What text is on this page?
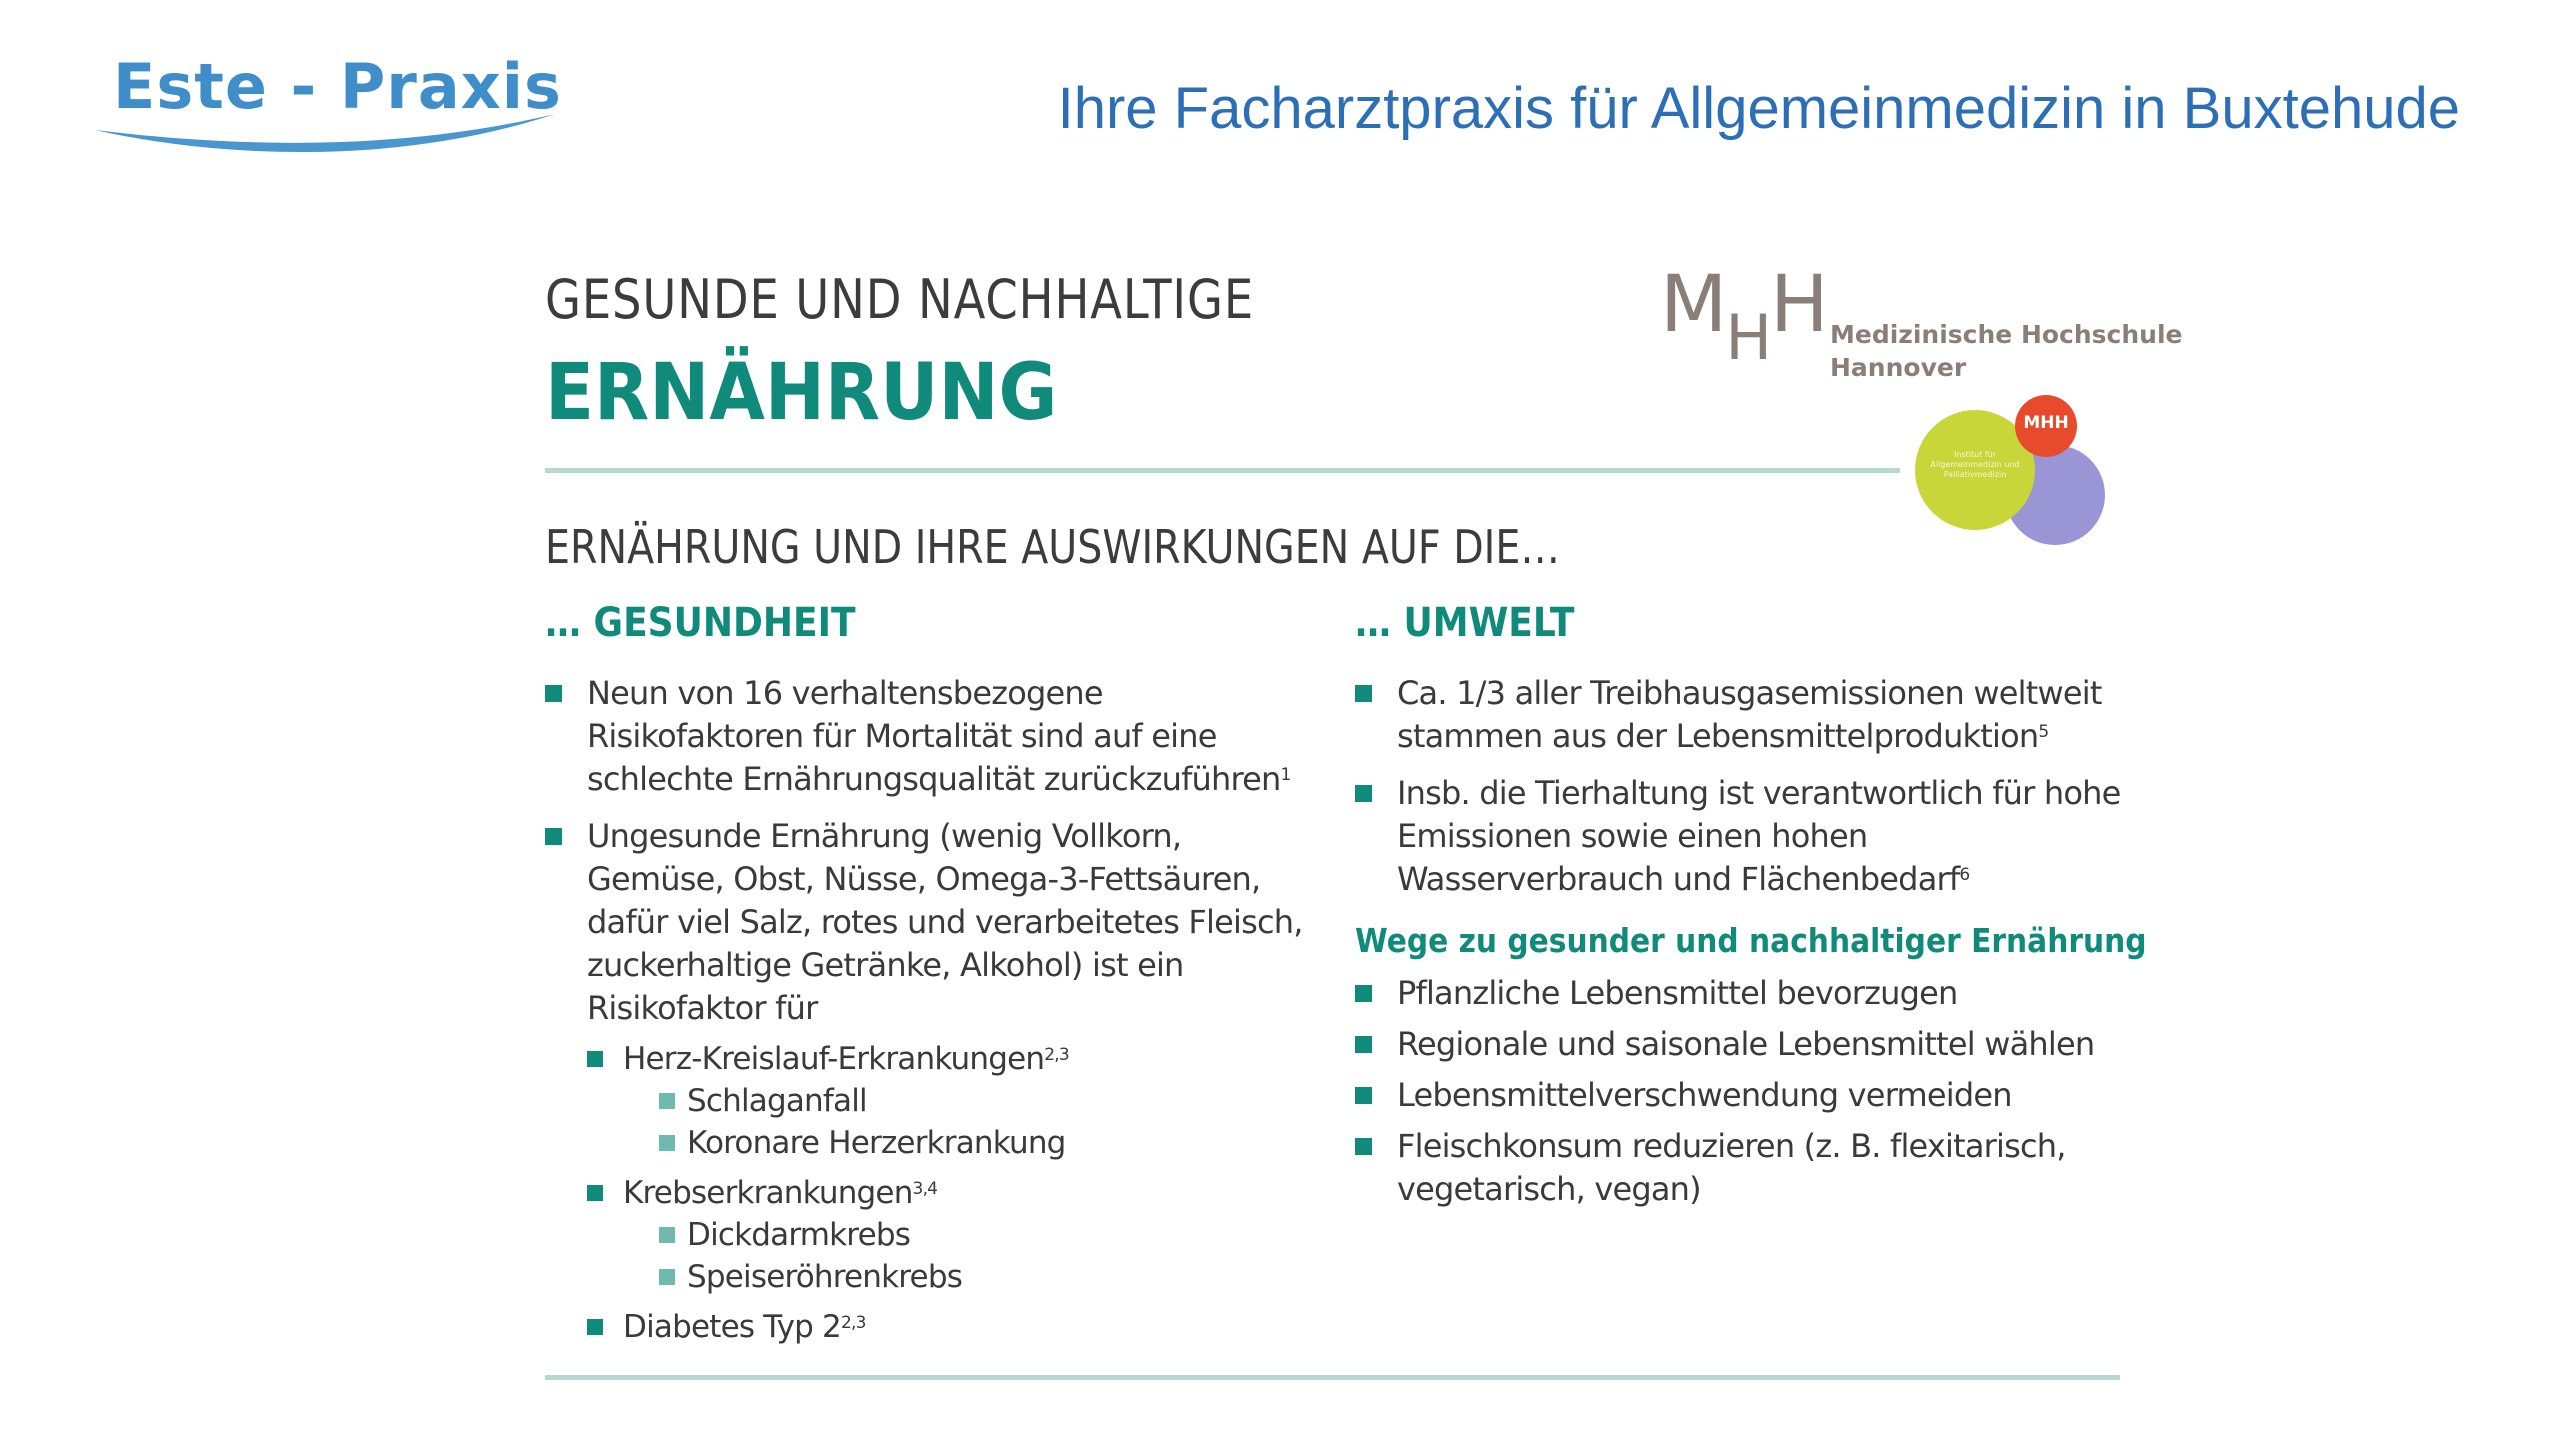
Este - Praxis	Ihre Facharztpraxis für Allgemeinmedizin in Buxtehude
GESUNDE UND NACHHALTIGE
ERNÄHRUNG
$M_HH$ Medizinische Hochschule
Hannover
Institut für Allgemeinmedizin und Palliativmedizin
MHH
ERNÄHRUNG UND IHRE AUSWIRKUNGEN AUF DIE…
… GESUNDHEIT
Neun von 16 verhaltensbezogene Risikofaktoren für Mortalität sind auf eine schlechte Ernährungsqualität zurückzuführen$^1$
Ungesunde Ernährung (wenig Vollkorn, Gemüse, Obst, Nüsse, Omega-3-Fettsäuren, dafür viel Salz, rotes und verarbeitetes Fleisch, zuckerhaltige Getränke, Alkohol) ist ein Risikofaktor für
Herz-Kreislauf-Erkrankungen$^{2,3}$
Schlaganfall
Koronare Herzerkrankung
Krebserkrankungen$^{3,4}$
Dickdarmkrebs
Speiseröhrenkrebs
Diabetes Typ 2$^{2,3}$
… UMWELT
Ca. 1/3 aller Treibhausgasemissionen weltweit stammen aus der Lebensmittelproduktion$^5$
Insb. die Tierhaltung ist verantwortlich für hohe Emissionen sowie einen hohen Wasserverbrauch und Flächenbedarf$^6$
Wege zu gesunder und nachhaltiger Ernährung
Pflanzliche Lebensmittel bevorzugen
Regionale und saisonale Lebensmittel wählen
Lebensmittelverschwendung vermeiden
Fleischkonsum reduzieren (z. B. flexitarisch, vegetarisch, vegan)
